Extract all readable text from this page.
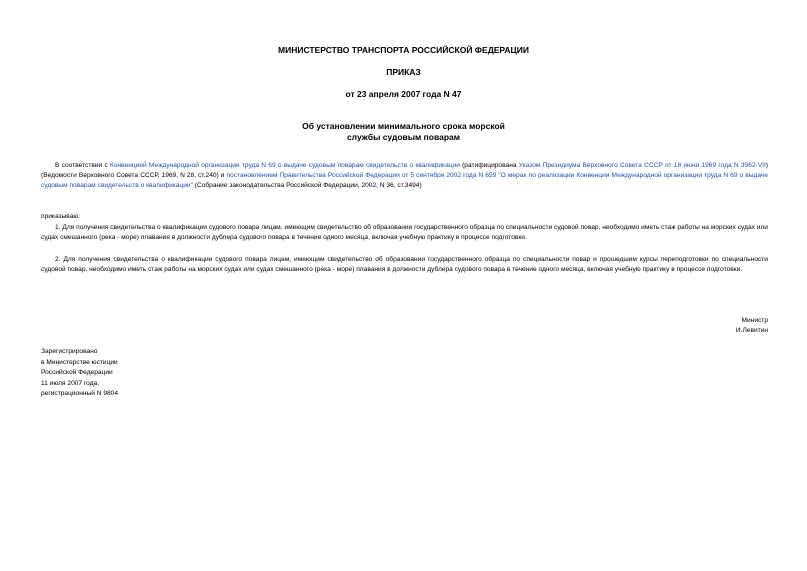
МИНИСТЕРСТВО ТРАНСПОРТА РОССИЙСКОЙ ФЕДЕРАЦИИ
ПРИКАЗ
от 23 апреля 2007 года N 47
Об установлении минимального срока морской
службы судовым поварам
В соответствии с Конвенцией Международной организации труда N 69 о выдаче судовым поварам свидетельств о квалификации (ратифицирована Указом Президиума Верховного Совета СССР от 18 июня 1969 года N 3962-VII) (Ведомости Верховного Совета СССР, 1969, N 28, ст.240) и постановлением Правительства Российской Федерации от 5 сентября 2002 года N 659 "О мерах по реализации Конвенции Международной организации труда N 69 о выдаче судовым поварам свидетельств о квалификации" (Собрание законодательства Российской Федерации, 2002, N 36, ст.3494)
приказываю:
1. Для получения свидетельства о квалификации судового повара лицам, имеющим свидетельство об образовании государственного образца по специальности судовой повар, необходимо иметь стаж работы на морских судах или судах смешанного (река - море) плавания в должности дублера судового повара в течение одного месяца, включая учебную практику в процессе подготовки.
2. Для получения свидетельства о квалификации судового повара лицам, имеющим свидетельство об образовании государственного образца по специальности повар и прошедшим курсы переподготовки по специальности судовой повар, необходимо иметь стаж работы на морских судах или судах смешанного (река - море) плавания в должности дублера судового повара в течение одного месяца, включая учебную практику в процессе подготовки.
Министр
И.Левитин
Зарегистрировано
в Министерстве юстиции
Российской Федерации
11 июля 2007 года,
регистрационный N 9804
